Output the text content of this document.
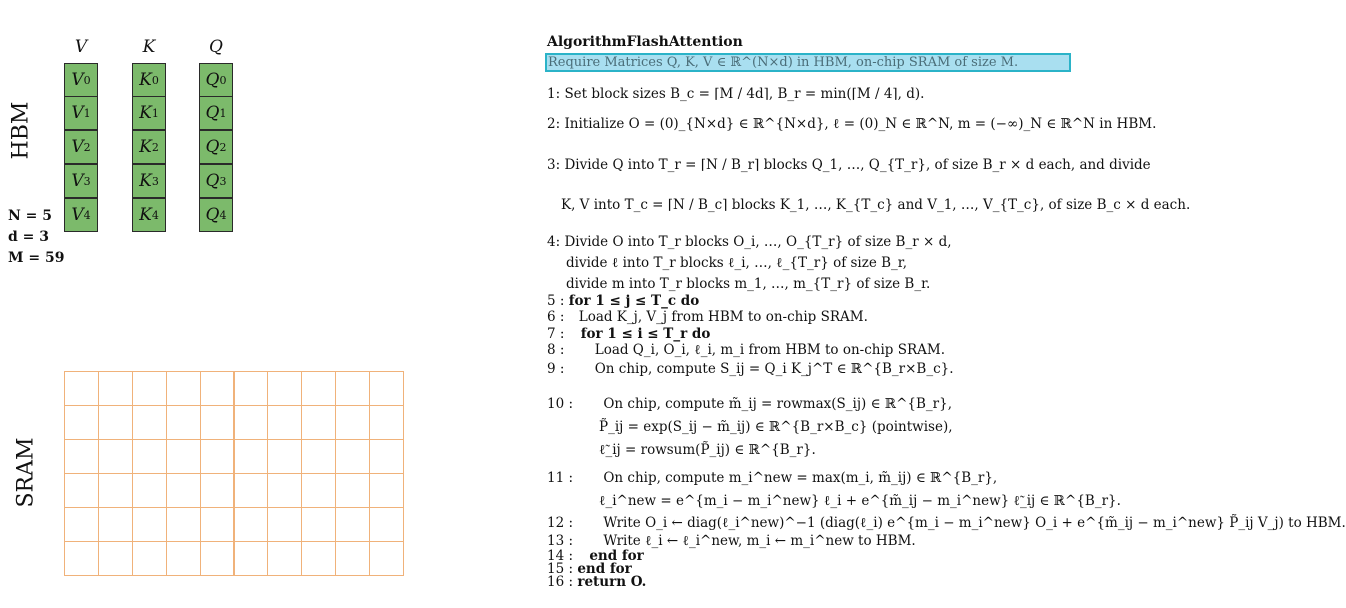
HBM
SRAM
V	K	Q
V 0
V 1
V 2
V 3
V 4
K 0
K 1
K 2
K 3
K 4
Q 0
Q 1
Q 2
Q 3
Q 4
N = 5
d = 3
M = 59
AlgorithmFlashAttention
Require Matrices Q, K, V ∈ ℝ^(N×d) in HBM, on-chip SRAM of size M.
1: Set block sizes B_c = ⌈M / 4d⌉, B_r = min(⌈M / 4⌉, d).
2: Initialize O = (0)_{N×d} ∈ ℝ^{N×d}, ℓ = (0)_N ∈ ℝ^N, m = (−∞)_N ∈ ℝ^N in HBM.
3: Divide Q into T_r = ⌈N / B_r⌉ blocks Q_1, …, Q_{T_r}, of size B_r × d each, and divide
K, V into T_c = ⌈N / B_c⌉ blocks K_1, …, K_{T_c} and V_1, …, V_{T_c}, of size B_c × d each.
4: Divide O into T_r blocks O_i, …, O_{T_r} of size B_r × d,
divide ℓ into T_r blocks ℓ_i, …, ℓ_{T_r} of size B_r,
divide m into T_r blocks m_1, …, m_{T_r} of size B_r.
5 : for 1 ≤ j ≤ T_c do
6 : Load K_j, V_j from HBM to on-chip SRAM.
7 : for 1 ≤ i ≤ T_r do
8 : Load Q_i, O_i, ℓ_i, m_i from HBM to on-chip SRAM.
9 : On chip, compute S_ij = Q_i K_j^T ∈ ℝ^{B_r×B_c}.
10 : On chip, compute m̃_ij = rowmax(S_ij) ∈ ℝ^{B_r},
P̃_ij = exp(S_ij − m̃_ij) ∈ ℝ^{B_r×B_c} (pointwise),
ℓ̃_ij = rowsum(P̃_ij) ∈ ℝ^{B_r}.
11 : On chip, compute m_i^new = max(m_i, m̃_ij) ∈ ℝ^{B_r},
ℓ_i^new = e^{m_i − m_i^new} ℓ_i + e^{m̃_ij − m_i^new} ℓ̃_ij ∈ ℝ^{B_r}.
12 : Write O_i ← diag(ℓ_i^new)^−1 (diag(ℓ_i) e^{m_i − m_i^new} O_i + e^{m̃_ij − m_i^new} P̃_ij V_j) to HBM.
13 : Write ℓ_i ← ℓ_i^new, m_i ← m_i^new to HBM.
14 : end for
15 : end for
16 : return O.
